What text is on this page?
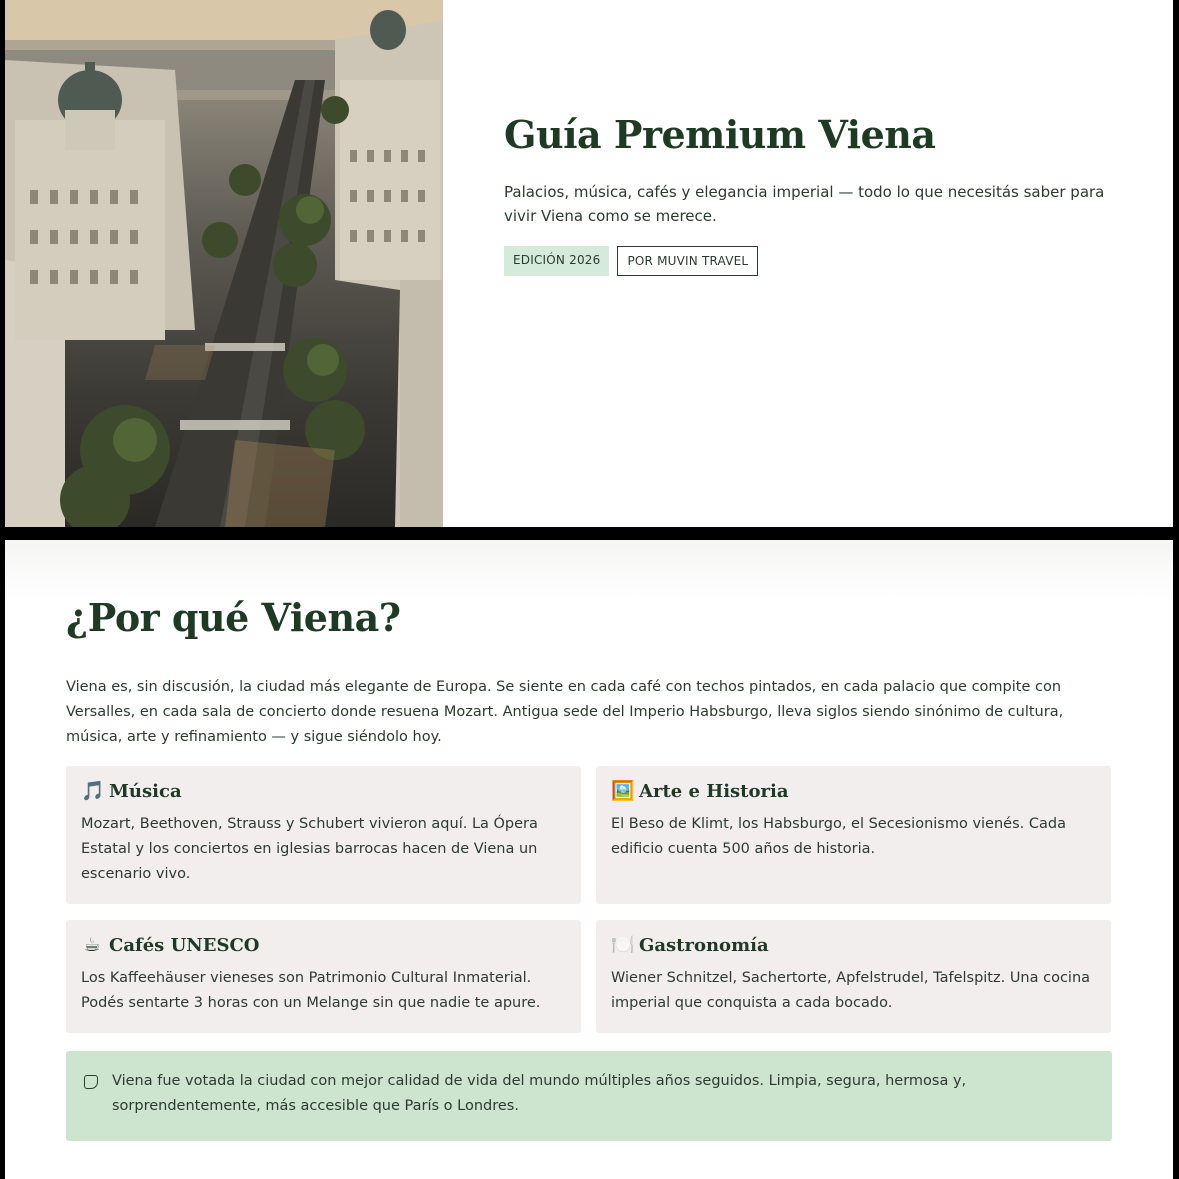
Guía Premium Viena

Palacios, música, cafés y elegancia imperial — todo lo que necesitás saber para vivir Viena como se merece.

EDICIÓN 2026	POR MUVIN TRAVEL
¿Por qué Viena?

Viena es, sin discusión, la ciudad más elegante de Europa. Se siente en cada café con techos pintados, en cada palacio que compite con Versalles, en cada sala de concierto donde resuena Mozart. Antigua sede del Imperio Habsburgo, lleva siglos siendo sinónimo de cultura, música, arte y refinamiento — y sigue siéndolo hoy.

🎵 Música

Mozart, Beethoven, Strauss y Schubert vivieron aquí. La Ópera Estatal y los conciertos en iglesias barrocas hacen de Viena un escenario vivo.

🖼️ Arte e Historia

El Beso de Klimt, los Habsburgo, el Secesionismo vienés. Cada edificio cuenta 500 años de historia.

☕ Cafés UNESCO

Los Kaffeehäuser vieneses son Patrimonio Cultural Inmaterial. Podés sentarte 3 horas con un Melange sin que nadie te apure.

🍽️ Gastronomía

Wiener Schnitzel, Sachertorte, Apfelstrudel, Tafelspitz. Una cocina imperial que conquista a cada bocado.

Viena fue votada la ciudad con mejor calidad de vida del mundo múltiples años seguidos. Limpia, segura, hermosa y, sorprendentemente, más accesible que París o Londres.
